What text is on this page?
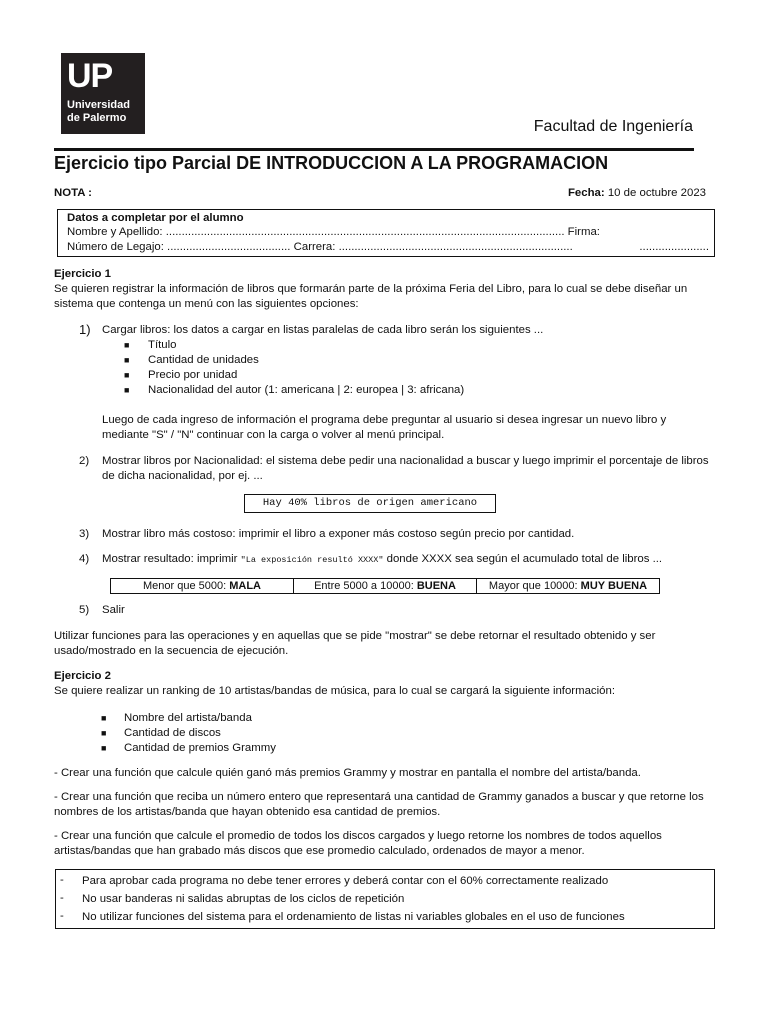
UP
Universidad
de Palermo	Facultad de Ingeniería
Ejercicio tipo Parcial DE INTRODUCCION A LA PROGRAMACION
NOTA :	Fecha: 10 de octubre 2023
Datos a completar por el alumno
Nombre y Apellido: .............................................................................................................................. Firma:
Número de Legajo: ....................................... Carrera: ..........................................................................	......................
Ejercicio 1
Se quieren registrar la información de libros que formarán parte de la próxima Feria del Libro, para lo cual se debe diseñar un sistema que contenga un menú con las siguientes opciones:
1) Cargar libros: los datos a cargar en listas paralelas de cada libro serán los siguientes ...
■ Título
■ Cantidad de unidades
■ Precio por unidad
■ Nacionalidad del autor (1: americana | 2: europea | 3: africana)
Luego de cada ingreso de información el programa debe preguntar al usuario si desea ingresar un nuevo libro y mediante "S" / "N" continuar con la carga o volver al menú principal.
2) Mostrar libros por Nacionalidad: el sistema debe pedir una nacionalidad a buscar y luego imprimir el porcentaje de libros de dicha nacionalidad, por ej. ...
Hay 40% libros de origen americano
3) Mostrar libro más costoso: imprimir el libro a exponer más costoso según precio por cantidad.
4) Mostrar resultado: imprimir "La exposición resultó XXXX" donde XXXX sea según el acumulado total de libros ...
Menor que 5000: MALA	Entre 5000 a 10000: BUENA	Mayor que 10000: MUY BUENA
5) Salir
Utilizar funciones para las operaciones y en aquellas que se pide "mostrar" se debe retornar el resultado obtenido y ser usado/mostrado en la secuencia de ejecución.
Ejercicio 2
Se quiere realizar un ranking de 10 artistas/bandas de música, para lo cual se cargará la siguiente información:
■ Nombre del artista/banda
■ Cantidad de discos
■ Cantidad de premios Grammy
- Crear una función que calcule quién ganó más premios Grammy y mostrar en pantalla el nombre del artista/banda.
- Crear una función que reciba un número entero que representará una cantidad de Grammy ganados a buscar y que retorne los nombres de los artistas/banda que hayan obtenido esa cantidad de premios.
- Crear una función que calcule el promedio de todos los discos cargados y luego retorne los nombres de todos aquellos artistas/bandas que han grabado más discos que ese promedio calculado, ordenados de mayor a menor.
- Para aprobar cada programa no debe tener errores y deberá contar con el 60% correctamente realizado
- No usar banderas ni salidas abruptas de los ciclos de repetición
- No utilizar funciones del sistema para el ordenamiento de listas ni variables globales en el uso de funciones
